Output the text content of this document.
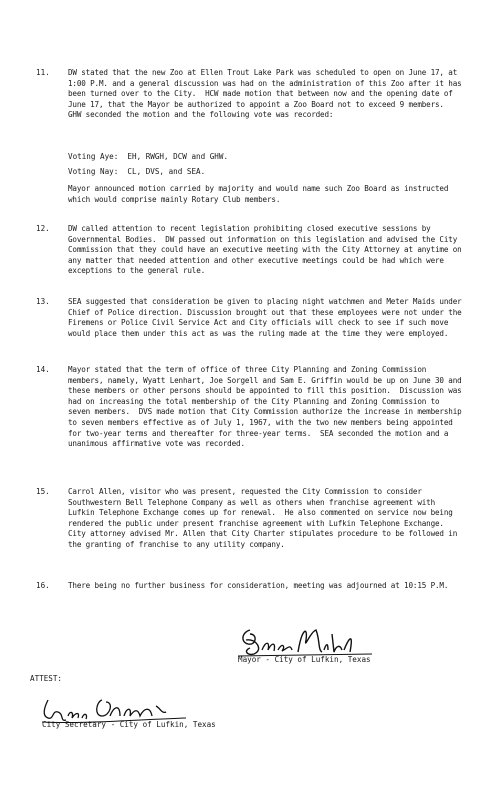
11. DW stated that the new Zoo at Ellen Trout Lake Park was scheduled to open on June 17, at 1:00 P.M. and a general discussion was had on the administration of this Zoo after it has been turned over to the City.  HCW made motion that between now and the opening date of June 17, that the Mayor be authorized to appoint a Zoo Board not to exceed 9 members.  GHW seconded the motion and the following vote was recorded:
Voting Aye:  EH, RWGH, DCW and GHW.
Voting Nay:  CL, DVS, and SEA.
Mayor announced motion carried by majority and would name such Zoo Board as instructed which would comprise mainly Rotary Club members.
12. DW called attention to recent legislation prohibiting closed executive sessions by Governmental Bodies.  DW passed out information on this legislation and advised the City Commission that they could have an executive meeting with the City Attorney at anytime on any matter that needed attention and other executive meetings could be had which were exceptions to the general rule.
13. SEA suggested that consideration be given to placing night watchmen and Meter Maids under Chief of Police direction. Discussion brought out that these employees were not under the Firemens or Police Civil Service Act and City officials will check to see if such move would place them under this act as was the ruling made at the time they were employed.
14. Mayor stated that the term of office of three City Planning and Zoning Commission members, namely, Wyatt Lenhart, Joe Sorgell and Sam E. Griffin would be up on June 30 and these members or other persons should be appointed to fill this position.  Discussion was had on increasing the total membership of the City Planning and Zoning Commission to seven members.  DVS made motion that City Commission authorize the increase in membership to seven members effective as of July 1, 1967, with the two new members being appointed for two-year terms and thereafter for three-year terms.  SEA seconded the motion and a unanimous affirmative vote was recorded.
15. Carrol Allen, visitor who was present, requested the City Commission to consider Southwestern Bell Telephone Company as well as others when franchise agreement with Lufkin Telephone Exchange comes up for renewal.  He also commented on service now being rendered the public under present franchise agreement with Lufkin Telephone Exchange.  City attorney advised Mr. Allen that City Charter stipulates procedure to be followed in the granting of franchise to any utility company.
16. There being no further business for consideration, meeting was adjourned at 10:15 P.M.
Mayor - City of Lufkin, Texas
ATTEST:
City Secretary - City of Lufkin, Texas
